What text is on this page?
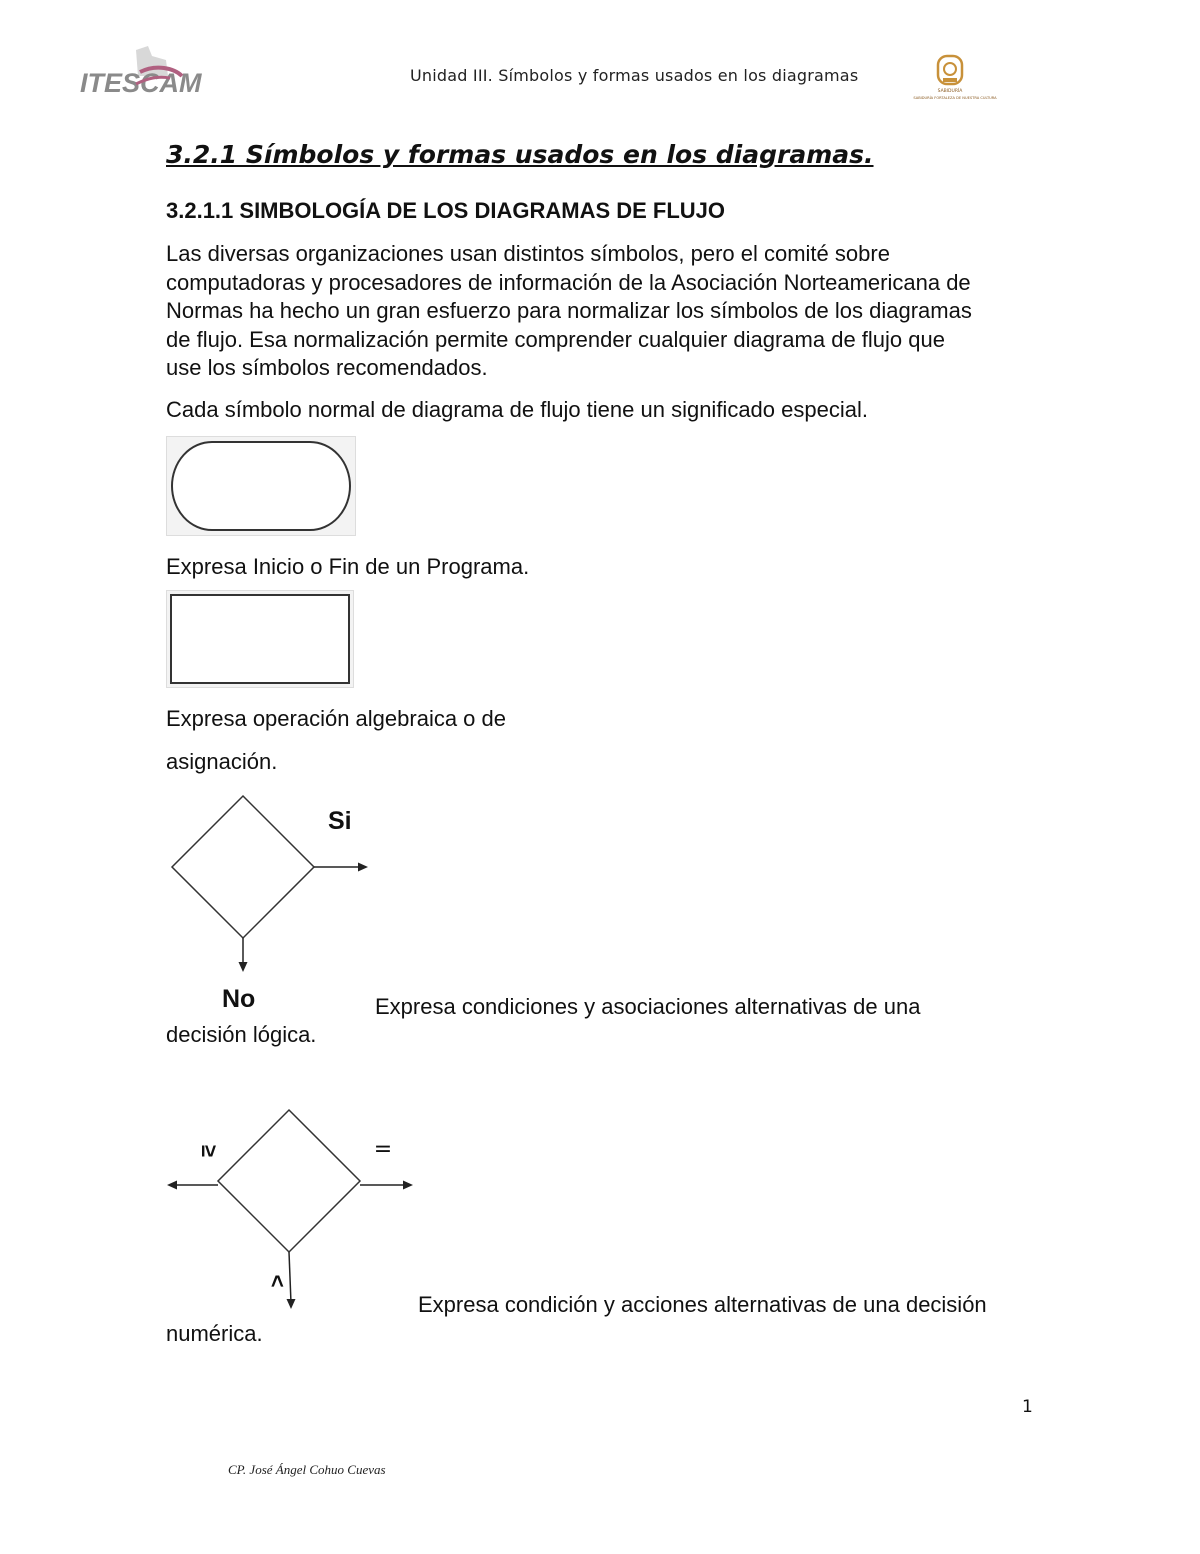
ITESCAM	Unidad III. Símbolos y formas usados en los diagramas
SABIDURÍA
SABIDURÍA FORTALEZA DE NUESTRA CULTURA
3.2.1 Símbolos y formas usados en los diagramas.
3.2.1.1 SIMBOLOGÍA DE LOS DIAGRAMAS DE FLUJO
Las diversas organizaciones usan distintos símbolos, pero el comité sobre
computadoras y procesadores de información de la Asociación Norteamericana de
Normas ha hecho un gran esfuerzo para normalizar los símbolos de los diagramas
de flujo. Esa normalización permite comprender cualquier diagrama de flujo que
use los símbolos recomendados.
Cada símbolo normal de diagrama de flujo tiene un significado especial.
Expresa Inicio o Fin de un Programa.
Expresa operación algebraica o de
asignación.
Si
No	Expresa condiciones y asociaciones alternativas de una
decisión lógica.
≥	=
<
Expresa condición y acciones alternativas de una decisión
numérica.
1
CP. José Ángel Cohuo Cuevas
